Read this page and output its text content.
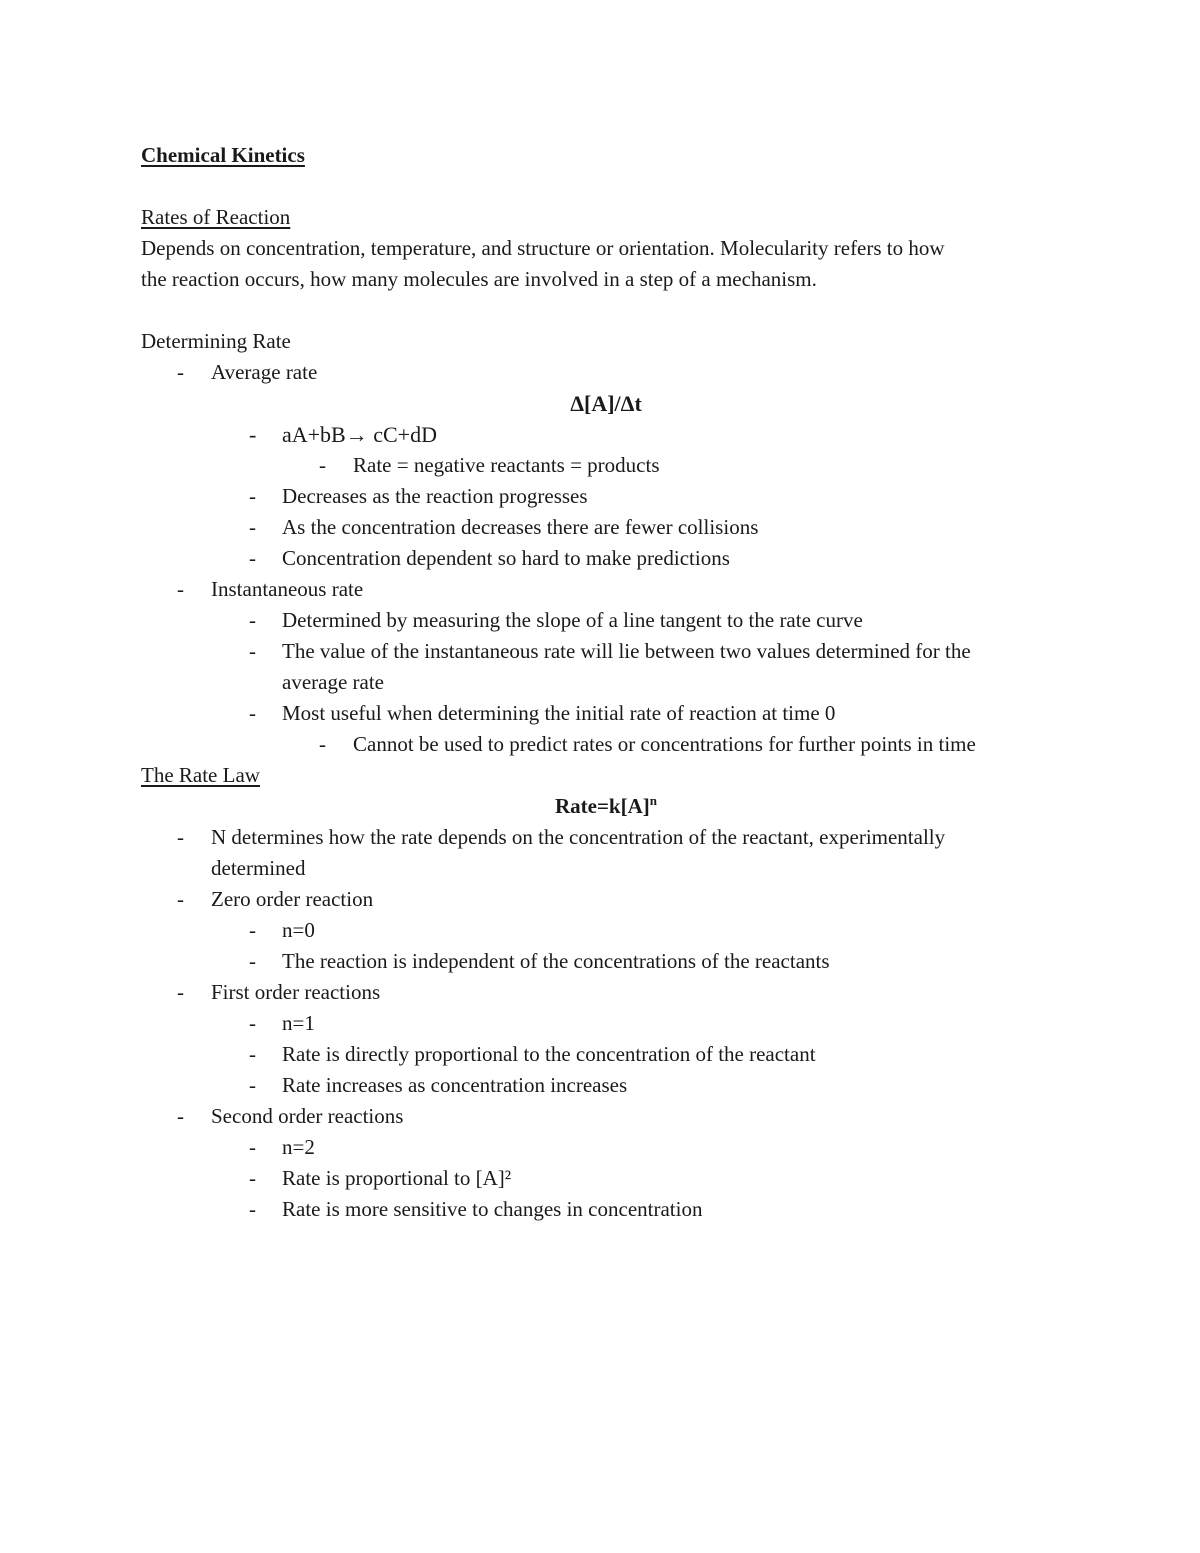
Chemical Kinetics
Rates of Reaction
Depends on concentration, temperature, and structure or orientation. Molecularity refers to how
the reaction occurs, how many molecules are involved in a step of a mechanism.
Determining Rate
- Average rate
Δ[A]/Δt
- aA+bB→ cC+dD
- Rate = negative reactants = products
- Decreases as the reaction progresses
- As the concentration decreases there are fewer collisions
- Concentration dependent so hard to make predictions
- Instantaneous rate
- Determined by measuring the slope of a line tangent to the rate curve
- The value of the instantaneous rate will lie between two values determined for the
average rate
- Most useful when determining the initial rate of reaction at time 0
- Cannot be used to predict rates or concentrations for further points in time
The Rate Law
$Rate=k[A]^n$
- N determines how the rate depends on the concentration of the reactant, experimentally
determined
- Zero order reaction
- n=0
- The reaction is independent of the concentrations of the reactants
- First order reactions
- n=1
- Rate is directly proportional to the concentration of the reactant
- Rate increases as concentration increases
- Second order reactions
- n=2
- Rate is proportional to [A]²
- Rate is more sensitive to changes in concentration
